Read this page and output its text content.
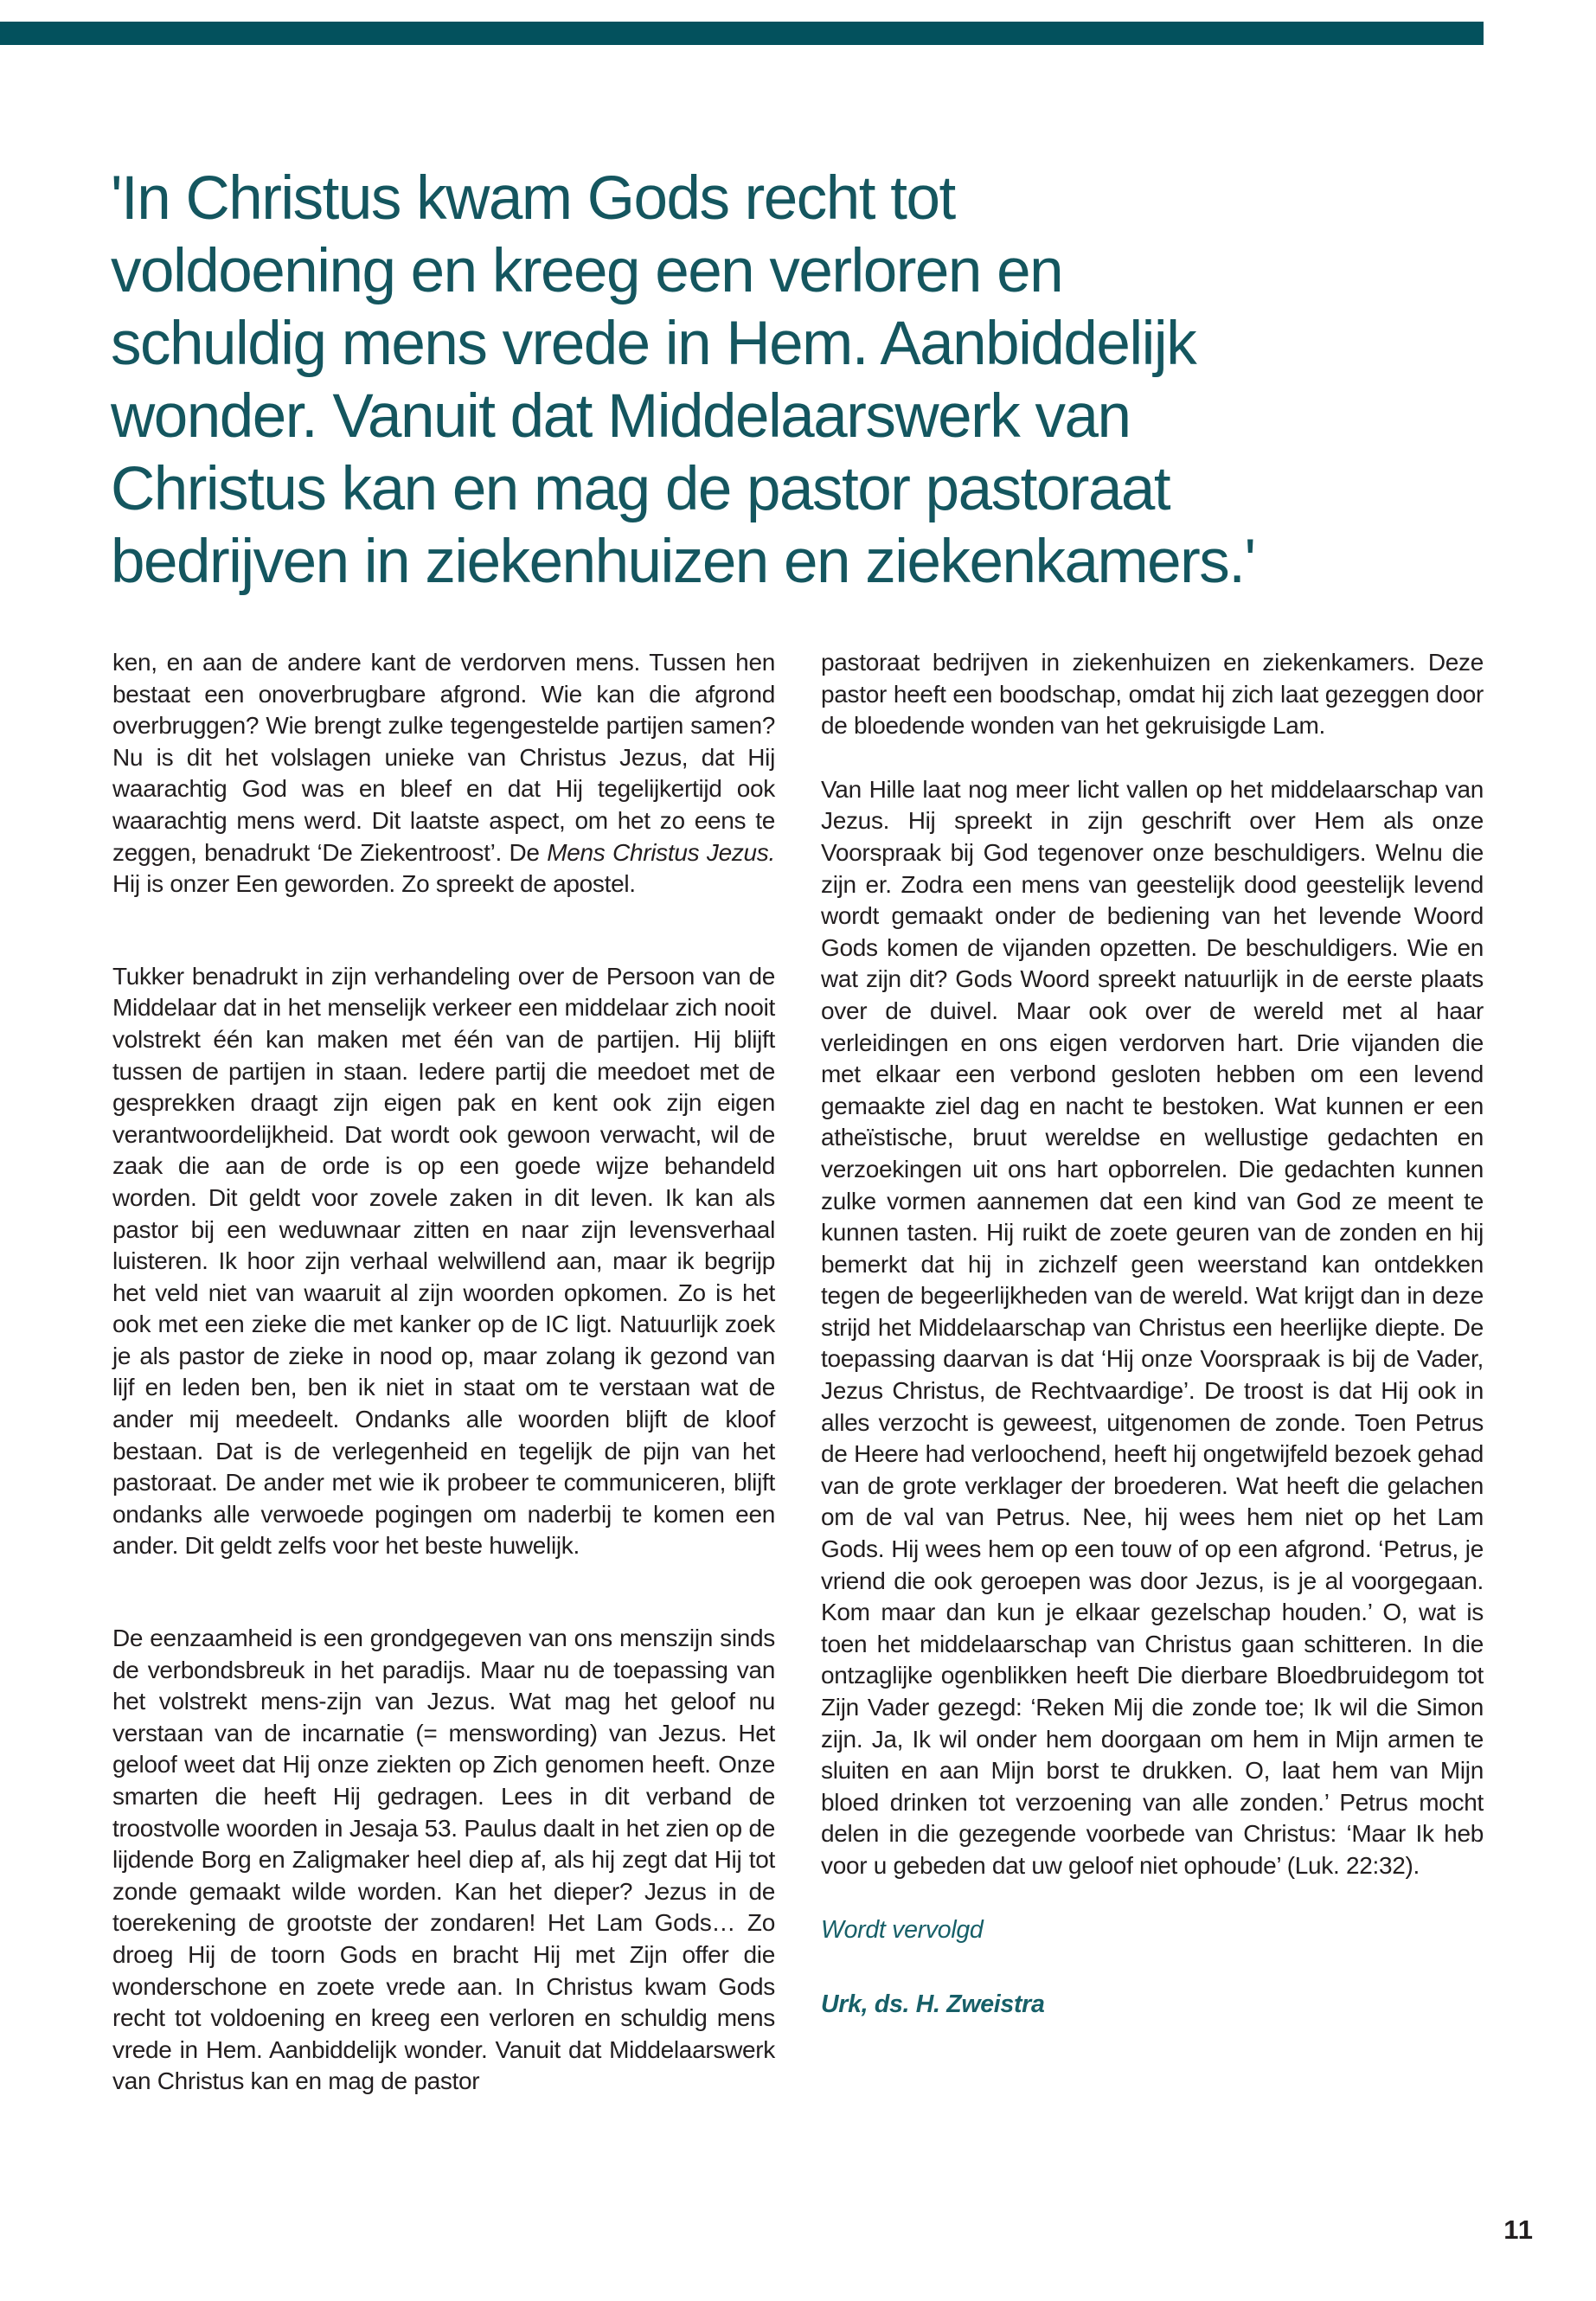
'In Christus kwam Gods recht tot
voldoening en kreeg een verloren en
schuldig mens vrede in Hem. Aanbiddelijk
wonder. Vanuit dat Middelaarswerk van
Christus kan en mag de pastor pastoraat
bedrijven in ziekenhuizen en ziekenkamers.'

ken, en aan de andere kant de verdorven mens. Tussen hen bestaat een onoverbrugbare afgrond. Wie kan die afgrond overbruggen? Wie brengt zulke tegengestelde partijen samen? Nu is dit het volslagen unieke van Christus Jezus, dat Hij waarachtig God was en bleef en dat Hij tegelijkertijd ook waarachtig mens werd. Dit laatste aspect, om het zo eens te zeggen, benadrukt ‘De Ziekentroost’. De Mens Christus Jezus. Hij is onzer Een geworden. Zo spreekt de apostel.

Tukker benadrukt in zijn verhandeling over de Persoon van de Middelaar dat in het menselijk verkeer een middelaar zich nooit volstrekt één kan maken met één van de partijen. Hij blijft tussen de partijen in staan. Iedere partij die meedoet met de gesprekken draagt zijn eigen pak en kent ook zijn eigen verantwoordelijkheid. Dat wordt ook gewoon verwacht, wil de zaak die aan de orde is op een goede wijze behandeld worden. Dit geldt voor zovele zaken in dit leven. Ik kan als pastor bij een weduwnaar zitten en naar zijn levensverhaal luisteren. Ik hoor zijn verhaal welwillend aan, maar ik begrijp het veld niet van waaruit al zijn woorden opkomen. Zo is het ook met een zieke die met kanker op de IC ligt. Natuurlijk zoek je als pastor de zieke in nood op, maar zolang ik gezond van lijf en leden ben, ben ik niet in staat om te verstaan wat de ander mij meedeelt. Ondanks alle woorden blijft de kloof bestaan. Dat is de verlegenheid en tegelijk de pijn van het pastoraat. De ander met wie ik probeer te communiceren, blijft ondanks alle verwoede pogingen om naderbij te komen een ander. Dit geldt zelfs voor het beste huwelijk.

De eenzaamheid is een grondgegeven van ons menszijn sinds de verbondsbreuk in het paradijs. Maar nu de toepassing van het volstrekt mens-zijn van Jezus. Wat mag het geloof nu verstaan van de incarnatie (= menswording) van Jezus. Het geloof weet dat Hij onze ziekten op Zich genomen heeft. Onze smarten die heeft Hij gedragen. Lees in dit verband de troostvolle woorden in Jesaja 53. Paulus daalt in het zien op de lijdende Borg en Zaligmaker heel diep af, als hij zegt dat Hij tot zonde gemaakt wilde worden. Kan het dieper? Jezus in de toerekening de grootste der zondaren! Het Lam Gods… Zo droeg Hij de toorn Gods en bracht Hij met Zijn offer die wonderschone en zoete vrede aan. In Christus kwam Gods recht tot voldoening en kreeg een verloren en schuldig mens vrede in Hem. Aanbiddelijk wonder. Vanuit dat Middelaarswerk van Christus kan en mag de pastor

pastoraat bedrijven in ziekenhuizen en ziekenkamers. Deze pastor heeft een boodschap, omdat hij zich laat gezeggen door de bloedende wonden van het gekruisigde Lam.

Van Hille laat nog meer licht vallen op het middelaarschap van Jezus. Hij spreekt in zijn geschrift over Hem als onze Voorspraak bij God tegenover onze beschuldigers. Welnu die zijn er. Zodra een mens van geestelijk dood geestelijk levend wordt gemaakt onder de bediening van het levende Woord Gods komen de vijanden opzetten. De beschuldigers. Wie en wat zijn dit? Gods Woord spreekt natuurlijk in de eerste plaats over de duivel. Maar ook over de wereld met al haar verleidingen en ons eigen verdorven hart. Drie vijanden die met elkaar een verbond gesloten hebben om een levend gemaakte ziel dag en nacht te bestoken. Wat kunnen er een atheïstische, bruut wereldse en wellustige gedachten en verzoekingen uit ons hart opborrelen. Die gedachten kunnen zulke vormen aannemen dat een kind van God ze meent te kunnen tasten. Hij ruikt de zoete geuren van de zonden en hij bemerkt dat hij in zichzelf geen weerstand kan ontdekken tegen de begeerlijkheden van de wereld. Wat krijgt dan in deze strijd het Middelaarschap van Christus een heerlijke diepte. De toepassing daarvan is dat ‘Hij onze Voorspraak is bij de Vader, Jezus Christus, de Rechtvaardige’. De troost is dat Hij ook in alles verzocht is geweest, uitgenomen de zonde. Toen Petrus de Heere had verloochend, heeft hij ongetwijfeld bezoek gehad van de grote verklager der broederen. Wat heeft die gelachen om de val van Petrus. Nee, hij wees hem niet op het Lam Gods. Hij wees hem op een touw of op een afgrond. ‘Petrus, je vriend die ook geroepen was door Jezus, is je al voorgegaan. Kom maar dan kun je elkaar gezelschap houden.’ O, wat is toen het middelaarschap van Christus gaan schitteren. In die ontzaglijke ogenblikken heeft Die dierbare Bloedbruidegom tot Zijn Vader gezegd: ‘Reken Mij die zonde toe; Ik wil die Simon zijn. Ja, Ik wil onder hem doorgaan om hem in Mijn armen te sluiten en aan Mijn borst te drukken. O, laat hem van Mijn bloed drinken tot verzoening van alle zonden.’ Petrus mocht delen in die gezegende voorbede van Christus: ‘Maar Ik heb voor u gebeden dat uw geloof niet ophoude’ (Luk. 22:32).

Wordt vervolgd
Urk, ds. H. Zweistra
11
